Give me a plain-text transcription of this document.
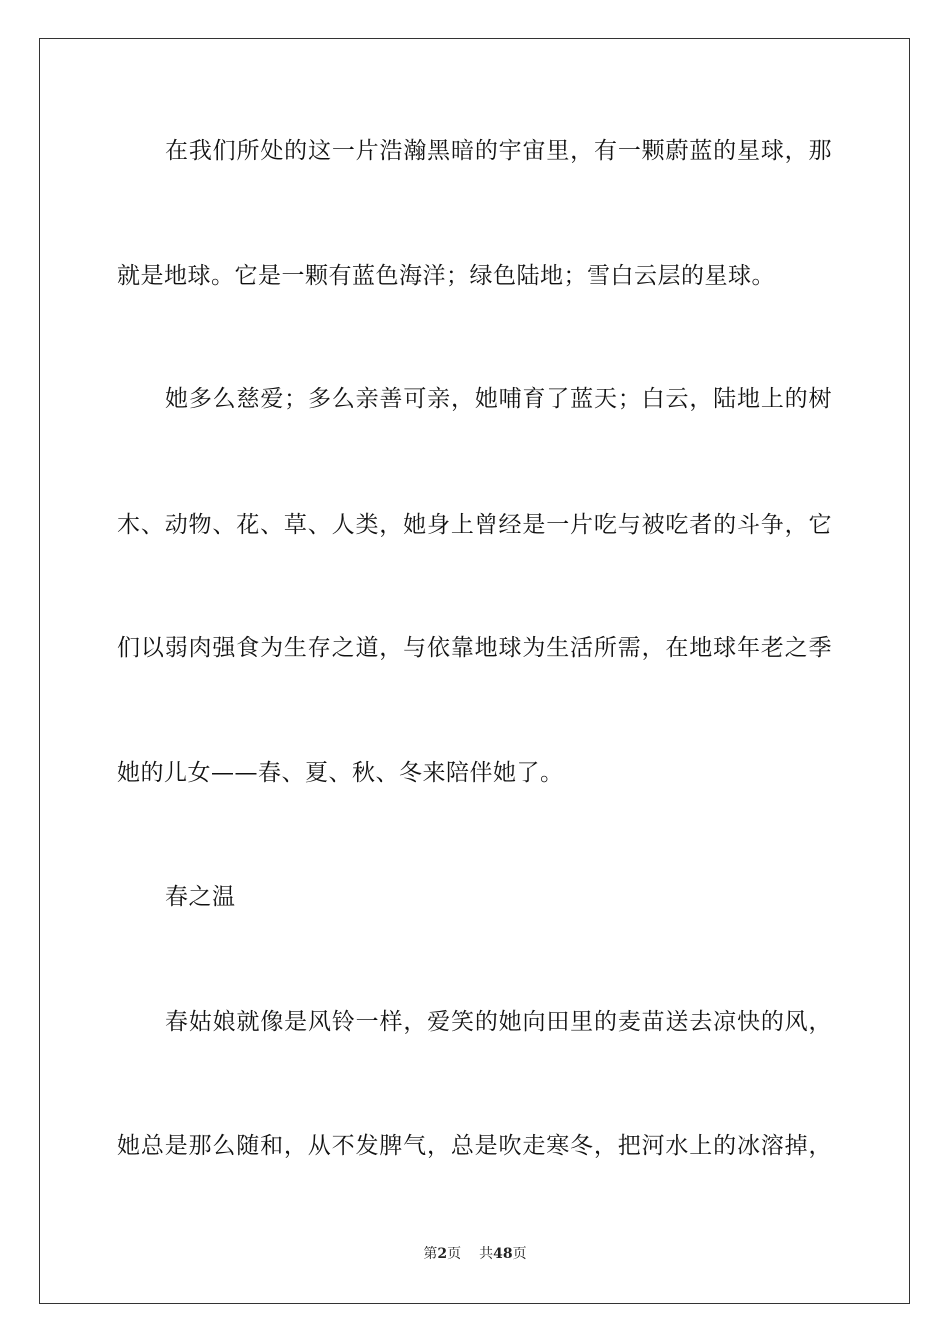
在我们所处的这一片浩瀚黑暗的宇宙里，有一颗蔚蓝的星球，那
就是地球。它是一颗有蓝色海洋；绿色陆地；雪白云层的星球。
她多么慈爱；多么亲善可亲，她哺育了蓝天；白云，陆地上的树
木、动物、花、草、人类，她身上曾经是一片吃与被吃者的斗争，它
们以弱肉强食为生存之道，与依靠地球为生活所需，在地球年老之季
她的儿女——春、夏、秋、冬来陪伴她了。
春之温
春姑娘就像是风铃一样，爱笑的她向田里的麦苗送去凉快的风，
她总是那么随和，从不发脾气，总是吹走寒冬，把河水上的冰溶掉，
第2页 共48页
